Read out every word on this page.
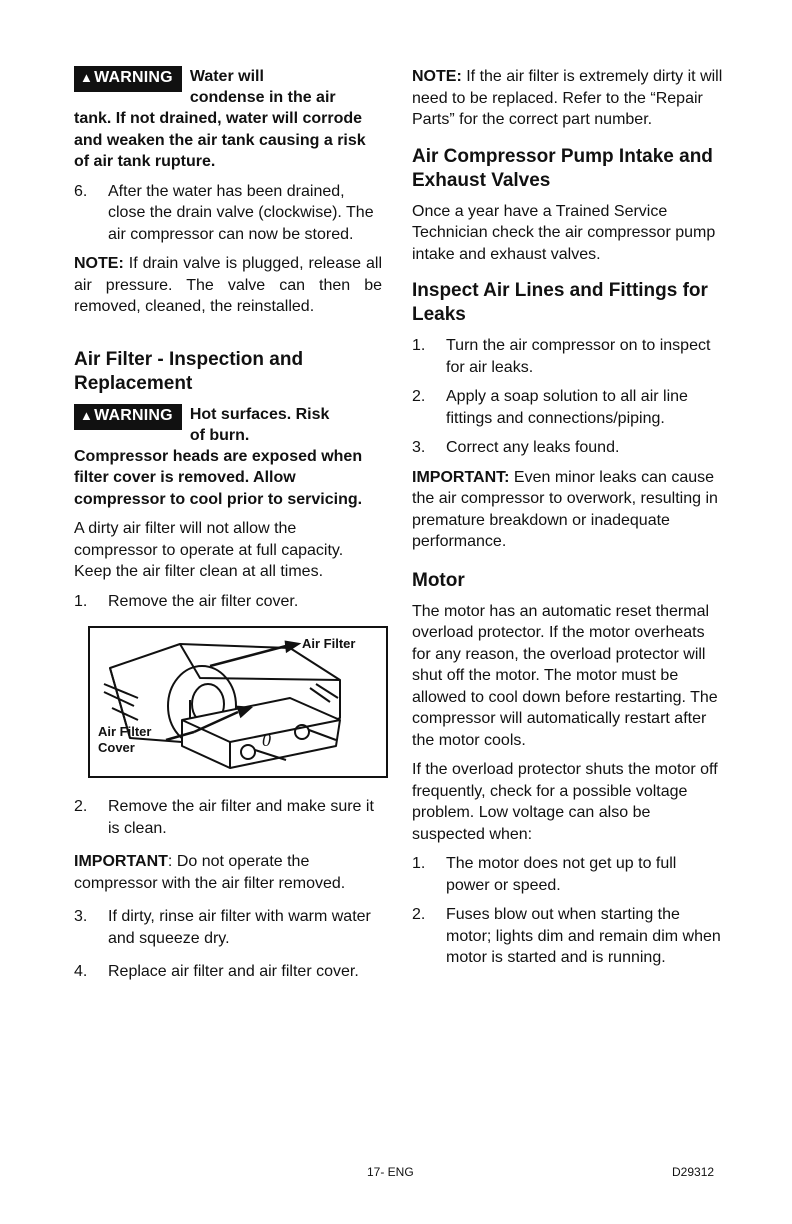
▲WARNING Water will
condense in the air

tank. If not drained, water will corrode and weaken the air tank causing a risk of air tank rupture.

6.	After the water has been drained, close the drain valve (clockwise). The air compressor can now be stored.

NOTE: If drain valve is plugged, release all air pressure. The valve can then be removed, cleaned, the reinstalled.

Air Filter - Inspection and Replacement
▲WARNING Hot surfaces. Risk
of burn.

Compressor heads are exposed when filter cover is removed. Allow compressor to cool prior to servicing.

A dirty air filter will not allow the compressor to operate at full capacity. Keep the air filter clean at all times.

1.	Remove the air filter cover.
0
Air Filter
Air Filter
Cover
2.	Remove the air filter and make sure it is clean.

IMPORTANT: Do not operate the compressor with the air filter removed.

3.	If dirty, rinse air filter with warm water and squeeze dry.
4.	Replace air filter and air filter cover.

NOTE: If the air filter is extremely dirty it will need to be replaced. Refer to the “Repair Parts” for the correct part number.

Air Compressor Pump Intake and Exhaust Valves

Once a year have a Trained Service Technician check the air compressor pump intake and exhaust valves.

Inspect Air Lines and Fittings for Leaks
1.	Turn the air compressor on to inspect for air leaks.
2.	Apply a soap solution to all air line fittings and connections/piping.
3.	Correct any leaks found.

IMPORTANT: Even minor leaks can cause the air compressor to overwork, resulting in premature breakdown or inadequate performance.

Motor

The motor has an automatic reset thermal overload protector. If the motor overheats for any reason, the overload protector will shut off the motor. The motor must be allowed to cool down before restarting. The compressor will automatically restart after the motor cools.

If the overload protector shuts the motor off frequently, check for a possible voltage problem. Low voltage can also be suspected when:

1.	The motor does not get up to full power or speed.
2.	Fuses blow out when starting the motor; lights dim and remain dim when motor is started and is running.
17- ENG	D29312
